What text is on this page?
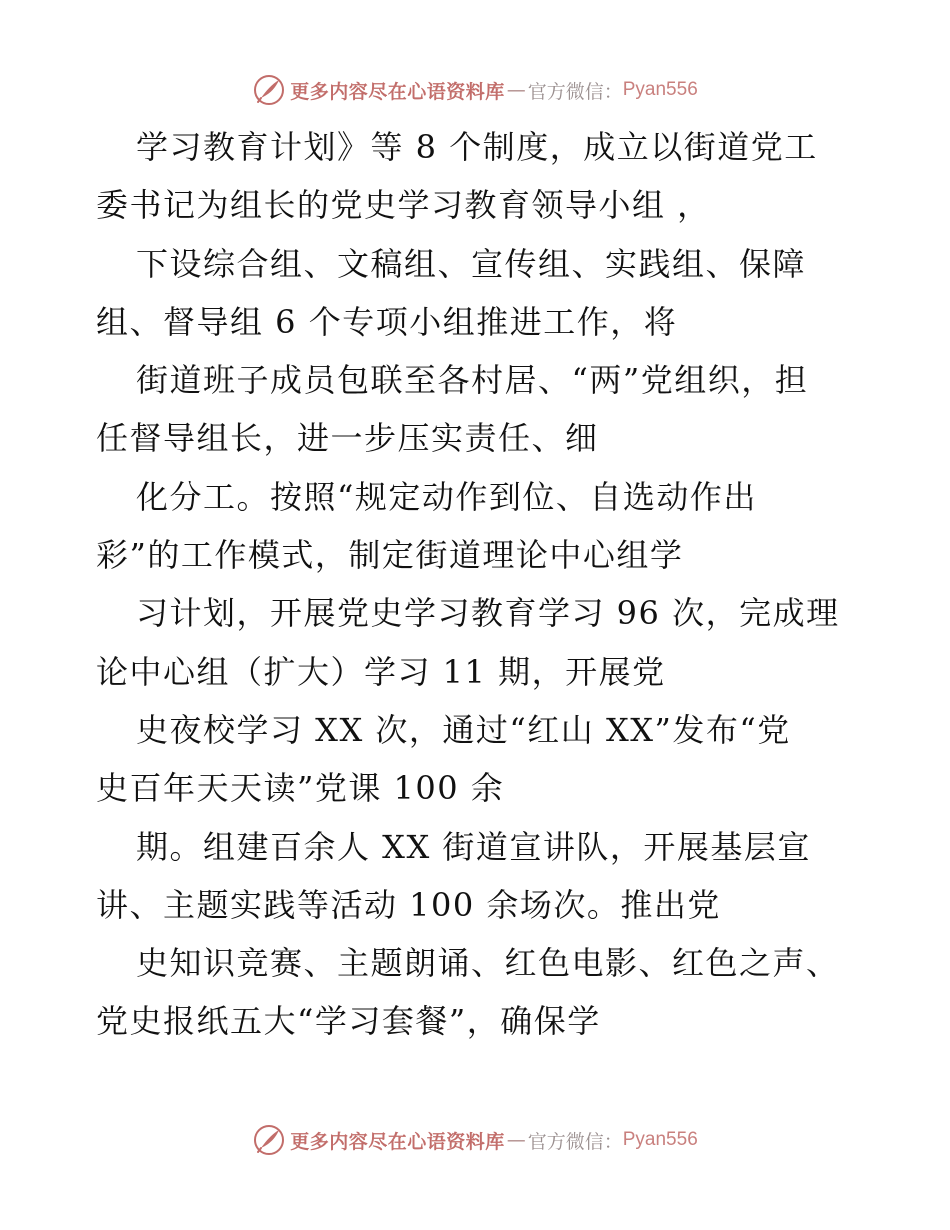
更多内容尽在心语资料库 — 官方微信： Pyan556
学习教育计划》等 8 个制度，成立以街道党工
委书记为组长的党史学习教育领导小组 ，
下设综合组、文稿组、宣传组、实践组、保障
组、督导组 6 个专项小组推进工作，将
街道班子成员包联至各村居、“两”党组织，担
任督导组长，进一步压实责任、细
化分工。按照“规定动作到位、自选动作出
彩”的工作模式，制定街道理论中心组学
习计划，开展党史学习教育学习 96 次，完成理
论中心组（扩大）学习 11 期，开展党
史夜校学习 XX 次，通过“红山 XX”发布“党
史百年天天读”党课 100 余
期。组建百余人 XX 街道宣讲队，开展基层宣
讲、主题实践等活动 100 余场次。推出党
史知识竞赛、主题朗诵、红色电影、红色之声、
党史报纸五大“学习套餐”，确保学
更多内容尽在心语资料库 — 官方微信： Pyan556
